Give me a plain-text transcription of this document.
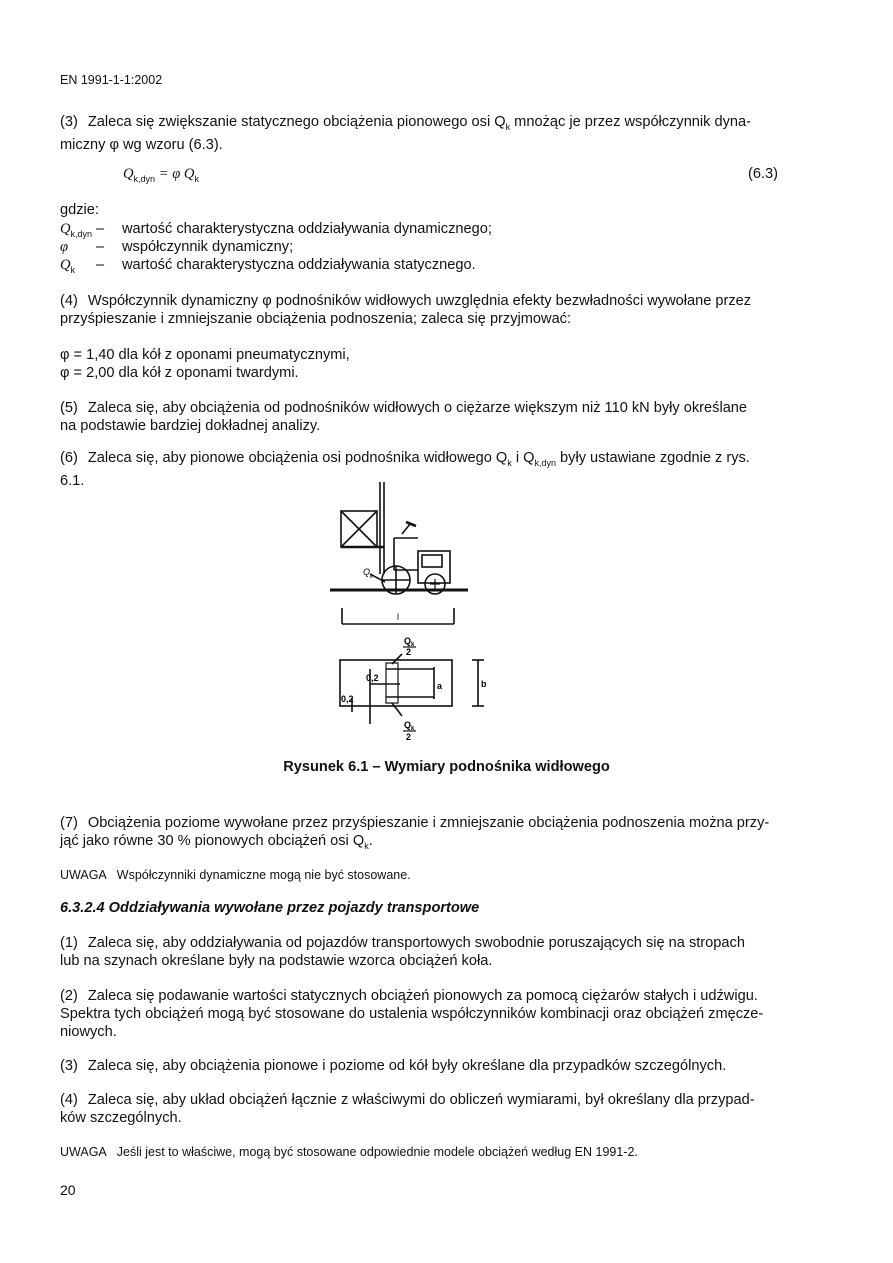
EN 1991-1-1:2002
(3) Zaleca się zwiększanie statycznego obciążenia pionowego osi $Q_k$ mnożąc je przez współczynnik dyna-
miczny φ wg wzoru (6.3).
$Q_{k,dyn} = \varphi$ $Q_k$	(6.3)
gdzie:
$Q_{k,dyn}$ – wartość charakterystyczna oddziaływania dynamicznego;
φ	– współczynnik dynamiczny;
$Q_k$	– wartość charakterystyczna oddziaływania statycznego.
(4) Współczynnik dynamiczny φ podnośników widłowych uwzględnia efekty bezwładności wywołane przez
przyśpieszanie i zmniejszanie obciążenia podnoszenia; zaleca się przyjmować:
φ = 1,40 dla kół z oponami pneumatycznymi,
φ = 2,00 dla kół z oponami twardymi.
(5) Zaleca się, aby obciążenia od podnośników widłowych o ciężarze większym niż 110 kN były określane
na podstawie bardziej dokładnej analizy.
(6) Zaleca się, aby pionowe obciążenia osi podnośnika widłowego $Q_k$ i $Q_{k,dyn}$ były ustawiane zgodnie z rys. 6.1.
Q k
l
Q k
2
0,2
0,2
a	b
Q k
2
Rysunek 6.1 – Wymiary podnośnika widłowego
(7) Obciążenia poziome wywołane przez przyśpieszanie i zmniejszanie obciążenia podnoszenia można przy-
jąć jako równe 30 % pionowych obciążeń osi $Q_k$.
UWAGA Współczynniki dynamiczne mogą nie być stosowane.
6.3.2.4 Oddziaływania wywołane przez pojazdy transportowe
(1) Zaleca się, aby oddziaływania od pojazdów transportowych swobodnie poruszających się na stropach
lub na szynach określane były na podstawie wzorca obciążeń koła.
(2) Zaleca się podawanie wartości statycznych obciążeń pionowych za pomocą ciężarów stałych i udźwigu.
Spektra tych obciążeń mogą być stosowane do ustalenia współczynników kombinacji oraz obciążeń zmęcze-
niowych.
(3) Zaleca się, aby obciążenia pionowe i poziome od kół były określane dla przypadków szczególnych.
(4) Zaleca się, aby układ obciążeń łącznie z właściwymi do obliczeń wymiarami, był określany dla przypad-
ków szczególnych.
UWAGA Jeśli jest to właściwe, mogą być stosowane odpowiednie modele obciążeń według EN 1991-2.
20
